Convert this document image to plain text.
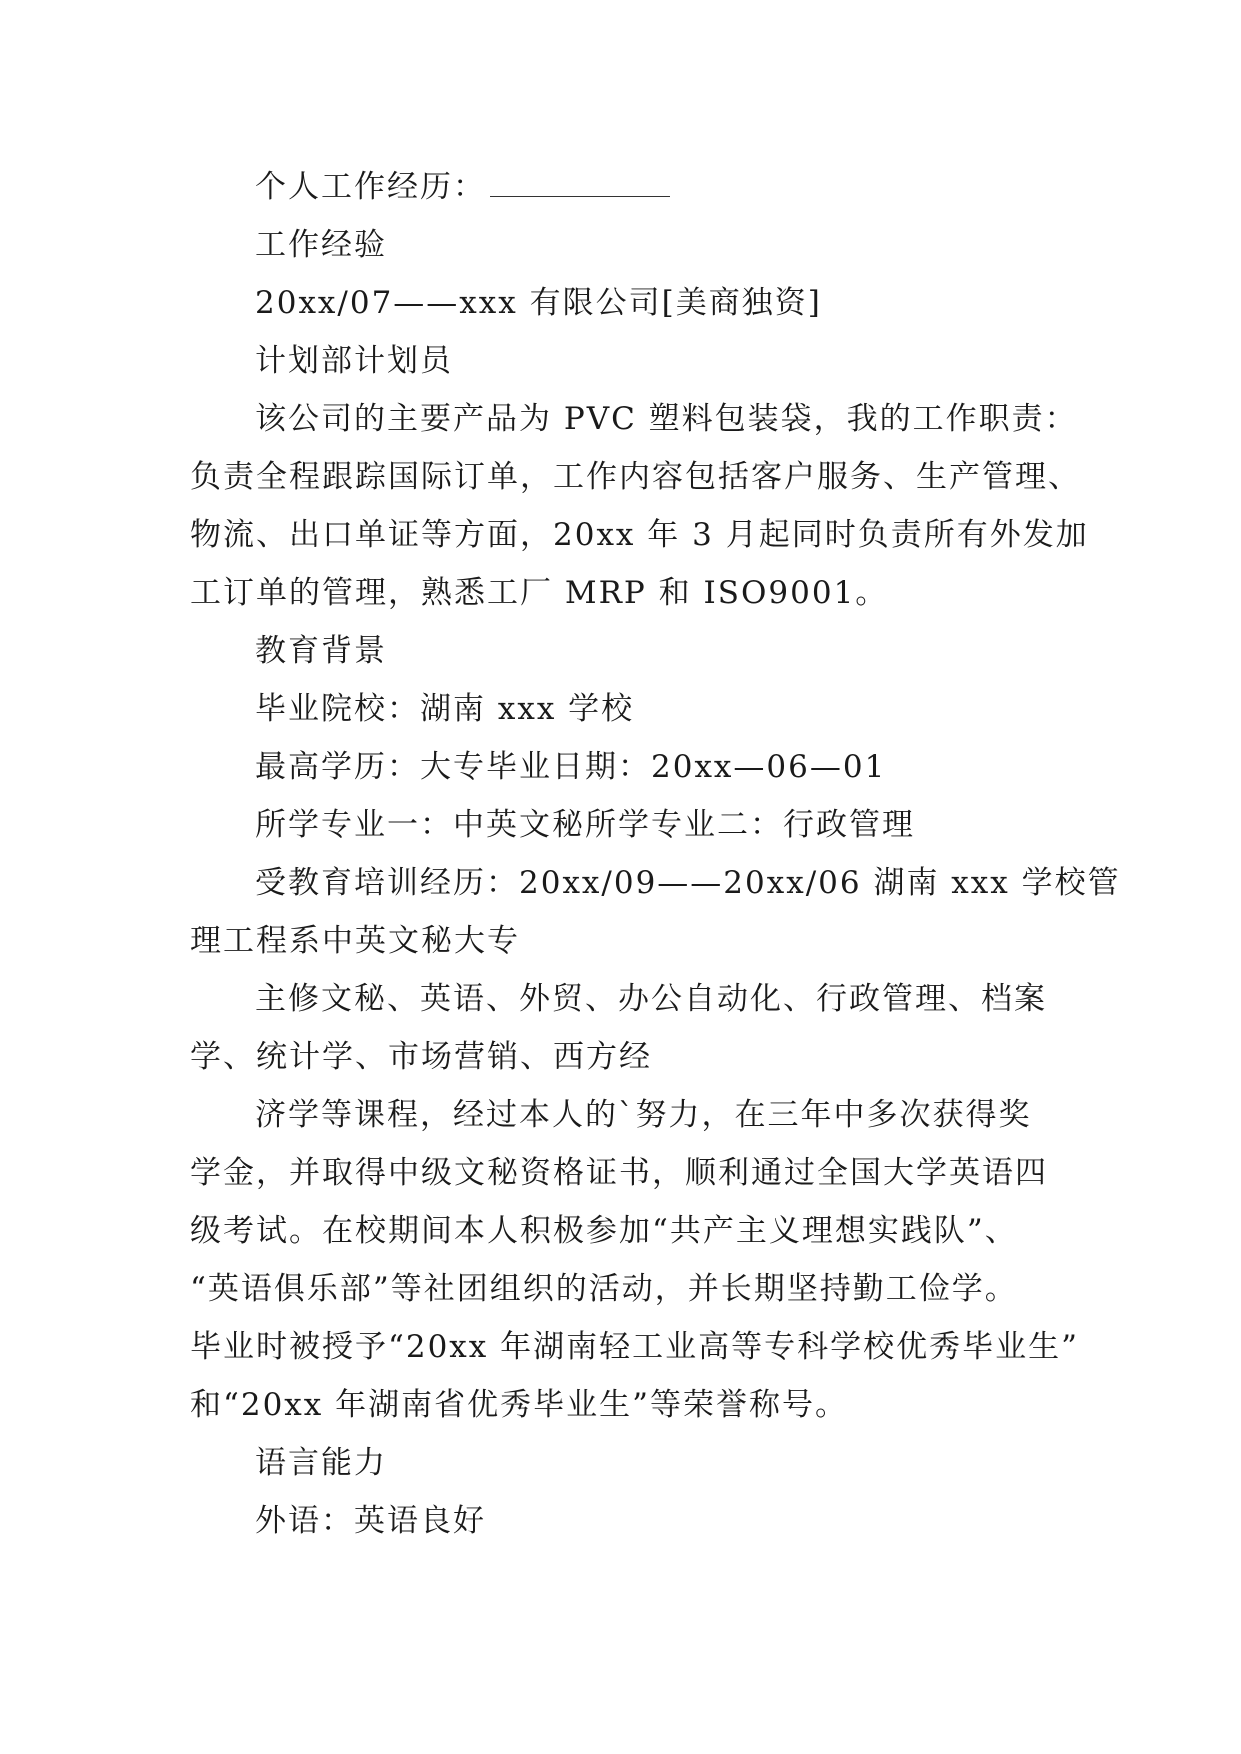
个人工作经历：
工作经验
20xx/07——xxx 有限公司[美商独资]
计划部计划员
该公司的主要产品为 PVC 塑料包装袋，我的工作职责：
负责全程跟踪国际订单，工作内容包括客户服务、生产管理、
物流、出口单证等方面，20xx 年 3 月起同时负责所有外发加
工订单的管理，熟悉工厂 MRP 和 ISO9001。
教育背景
毕业院校：湖南 xxx 学校
最高学历：大专毕业日期：20xx—06—01
所学专业一：中英文秘所学专业二：行政管理
受教育培训经历：20xx/09——20xx/06 湖南 xxx 学校管
理工程系中英文秘大专
主修文秘、英语、外贸、办公自动化、行政管理、档案
学、统计学、市场营销、西方经
济学等课程，经过本人的`努力，在三年中多次获得奖
学金，并取得中级文秘资格证书，顺利通过全国大学英语四
级考试。在校期间本人积极参加“共产主义理想实践队”、
“英语俱乐部”等社团组织的活动，并长期坚持勤工俭学。
毕业时被授予“20xx 年湖南轻工业高等专科学校优秀毕业生”
和“20xx 年湖南省优秀毕业生”等荣誉称号。
语言能力
外语：英语良好
